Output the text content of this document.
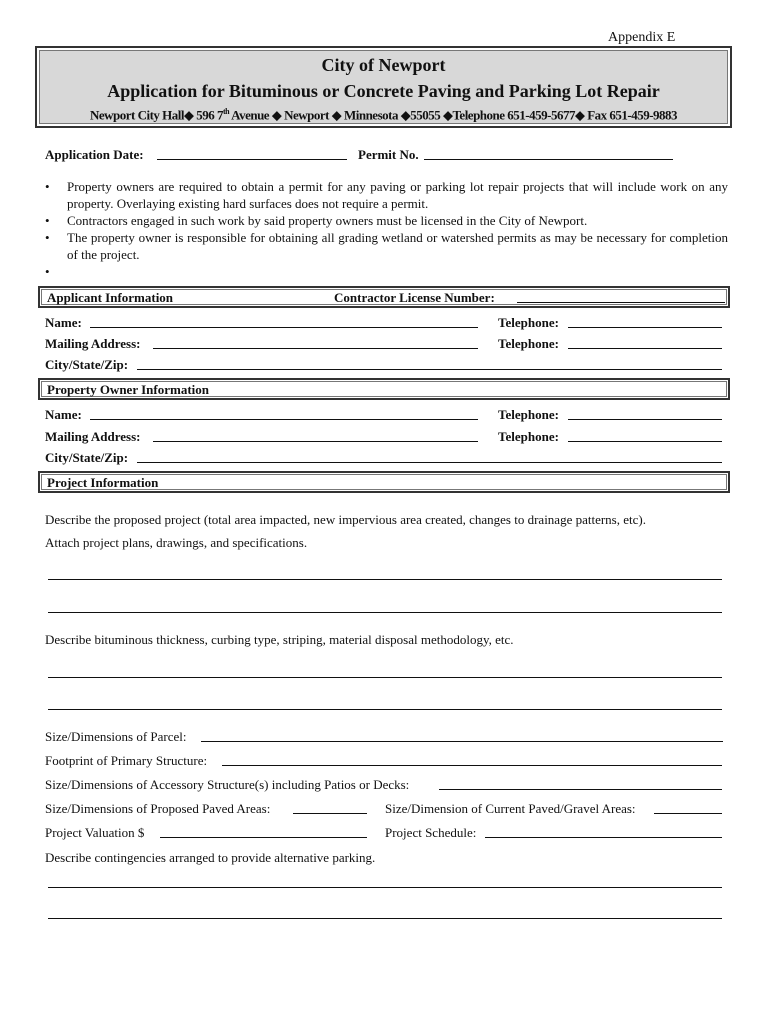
Appendix E
City of Newport
Application for Bituminous or Concrete Paving and Parking Lot Repair
Newport City Hall◆ 596 7th Avenue ◆ Newport ◆ Minnesota ◆55055 ◆Telephone 651-459-5677◆ Fax 651-459-9883
Application Date:	Permit No.
• Property owners are required to obtain a permit for any paving or parking lot repair projects that will include work on any property. Overlaying existing hard surfaces does not require a permit.
• Contractors engaged in such work by said property owners must be licensed in the City of Newport.
• The property owner is responsible for obtaining all grading wetland or watershed permits as may be necessary for completion of the project.
•
Applicant Information	Contractor License Number:
Name:	Telephone:
Mailing Address:	Telephone:
City/State/Zip:
Property Owner Information
Name:	Telephone:
Mailing Address:	Telephone:
City/State/Zip:
Project Information
Describe the proposed project (total area impacted, new impervious area created, changes to drainage patterns, etc).
Attach project plans, drawings, and specifications.
Describe bituminous thickness, curbing type, striping, material disposal methodology, etc.
Size/Dimensions of Parcel:
Footprint of Primary Structure:
Size/Dimensions of Accessory Structure(s) including Patios or Decks:
Size/Dimensions of Proposed Paved Areas:	Size/Dimension of Current Paved/Gravel Areas:
Project Valuation $	Project Schedule:
Describe contingencies arranged to provide alternative parking.
